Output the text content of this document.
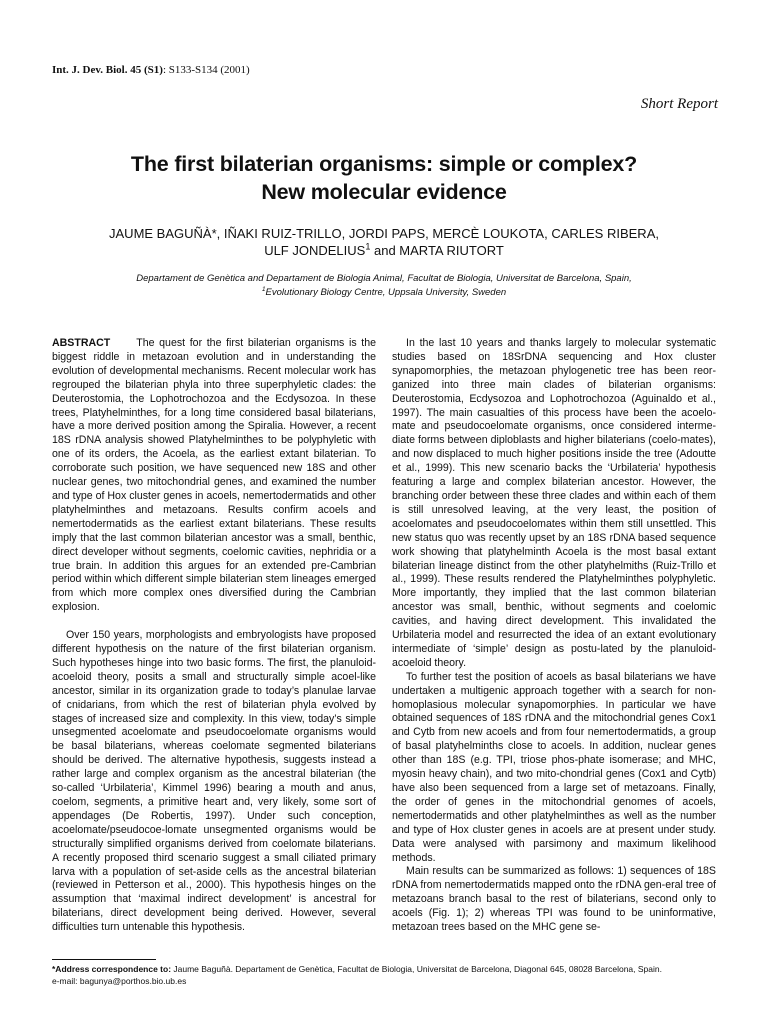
Int. J. Dev. Biol. 45 (S1): S133-S134 (2001)
Short Report
The first bilaterian organisms: simple or complex?
New molecular evidence
JAUME BAGUÑÀ*, IÑAKI RUIZ-TRILLO, JORDI PAPS, MERCÈ LOUKOTA, CARLES RIBERA,
ULF JONDELIUS$^1$ and MARTA RIUTORT
Departament de Genètica and Departament de Biologia Animal, Facultat de Biologia, Universitat de Barcelona, Spain,
$^1$Evolutionary Biology Centre, Uppsala University, Sweden

ABSTRACT The quest for the first bilaterian organisms is the biggest riddle in metazoan evolution and in understanding the evolution of developmental mechanisms. Recent molecular work has regrouped the bilaterian phyla into three superphyletic clades: the Deuterostomia, the Lophotrochozoa and the Ecdysozoa. In these trees, Platyhelminthes, for a long time considered basal bilaterians, have a more derived position among the Spiralia. However, a recent 18S rDNA analysis showed Platyhelminthes to be polyphyletic with one of its orders, the Acoela, as the earliest extant bilaterian. To corroborate such position, we have sequenced new 18S and other nuclear genes, two mitochondrial genes, and examined the number and type of Hox cluster genes in acoels, nemertodermatids and other platyhelminthes and metazoans. Results confirm acoels and nemertodermatids as the earliest extant bilaterians. These results imply that the last common bilaterian ancestor was a small, benthic, direct developer without segments, coelomic cavities, nephridia or a true brain. In addition this argues for an extended pre-Cambrian period within which different simple bilaterian stem lineages emerged from which more complex ones diversified during the Cambrian explosion.

Over 150 years, morphologists and embryologists have proposed different hypothesis on the nature of the first bilaterian organism. Such hypotheses hinge into two basic forms. The first, the planuloid-acoeloid theory, posits a small and structurally simple acoel-like ancestor, similar in its organization grade to today’s planulae larvae of cnidarians, from which the rest of bilaterian phyla evolved by stages of increased size and complexity. In this view, today’s simple unsegmented acoelomate and pseudocoelomate organisms would be basal bilaterians, whereas coelomate segmented bilaterians should be derived. The alternative hypothesis, suggests instead a rather large and complex organism as the ancestral bilaterian (the so-called ‘Urbilateria’, Kimmel 1996) bearing a mouth and anus, coelom, segments, a primitive heart and, very likely, some sort of appendages (De Robertis, 1997). Under such conception, acoelomate/pseudocoe-lomate unsegmented organisms would be structurally simplified organisms derived from coelomate bilaterians. A recently proposed third scenario suggest a small ciliated primary larva with a population of set-aside cells as the ancestral bilaterian (reviewed in Petterson et al., 2000). This hypothesis hinges on the assumption that ‘maximal indirect development’ is ancestral for bilaterians, direct development being derived. However, several difficulties turn untenable this hypothesis.

In the last 10 years and thanks largely to molecular systematic studies based on 18SrDNA sequencing and Hox cluster synapomorphies, the metazoan phylogenetic tree has been reor-ganized into three main clades of bilaterian organisms: Deuterostomia, Ecdysozoa and Lophotrochozoa (Aguinaldo et al., 1997). The main casualties of this process have been the acoelo-mate and pseudocoelomate organisms, once considered interme-diate forms between diploblasts and higher bilaterians (coelo-mates), and now displaced to much higher positions inside the tree (Adoutte et al., 1999). This new scenario backs the ‘Urbilateria’ hypothesis featuring a large and complex bilaterian ancestor. However, the branching order between these three clades and within each of them is still unresolved leaving, at the very least, the position of acoelomates and pseudocoelomates within them still unsettled. This new status quo was recently upset by an 18S rDNA based sequence work showing that platyhelminth Acoela is the most basal extant bilaterian lineage distinct from the other platyhelmiths (Ruiz-Trillo et al., 1999). These results rendered the Platyhelminthes polyphyletic. More importantly, they implied that the last common bilaterian ancestor was small, benthic, without segments and coelomic cavities, and having direct development. This invalidated the Urbilateria model and resurrected the idea of an extant evolutionary intermediate of ‘simple’ design as postu-lated by the planuloid-acoeloid theory.

To further test the position of acoels as basal bilaterians we have undertaken a multigenic approach together with a search for non-homoplasious molecular synapomorphies. In particular we have obtained sequences of 18S rDNA and the mitochondrial genes Cox1 and Cytb from new acoels and from four nemertodermatids, a group of basal platyhelminths close to acoels. In addition, nuclear genes other than 18S (e.g. TPI, triose phos-phate isomerase; and MHC, myosin heavy chain), and two mito-chondrial genes (Cox1 and Cytb) have also been sequenced from a large set of metazoans. Finally, the order of genes in the mitochondrial genomes of acoels, nemertodermatids and other platyhelminthes as well as the number and type of Hox cluster genes in acoels are at present under study. Data were analysed with parsimony and maximum likelihood methods.

Main results can be summarized as follows: 1) sequences of 18S rDNA from nemertodermatids mapped onto the rDNA gen-eral tree of metazoans branch basal to the rest of bilaterians, second only to acoels (Fig. 1); 2) whereas TPI was found to be uninformative, metazoan trees based on the MHC gene se-

*Address correspondence to: Jaume Baguñà. Departament de Genètica, Facultat de Biologia, Universitat de Barcelona, Diagonal 645, 08028 Barcelona, Spain.
e-mail: bagunya@porthos.bio.ub.es
